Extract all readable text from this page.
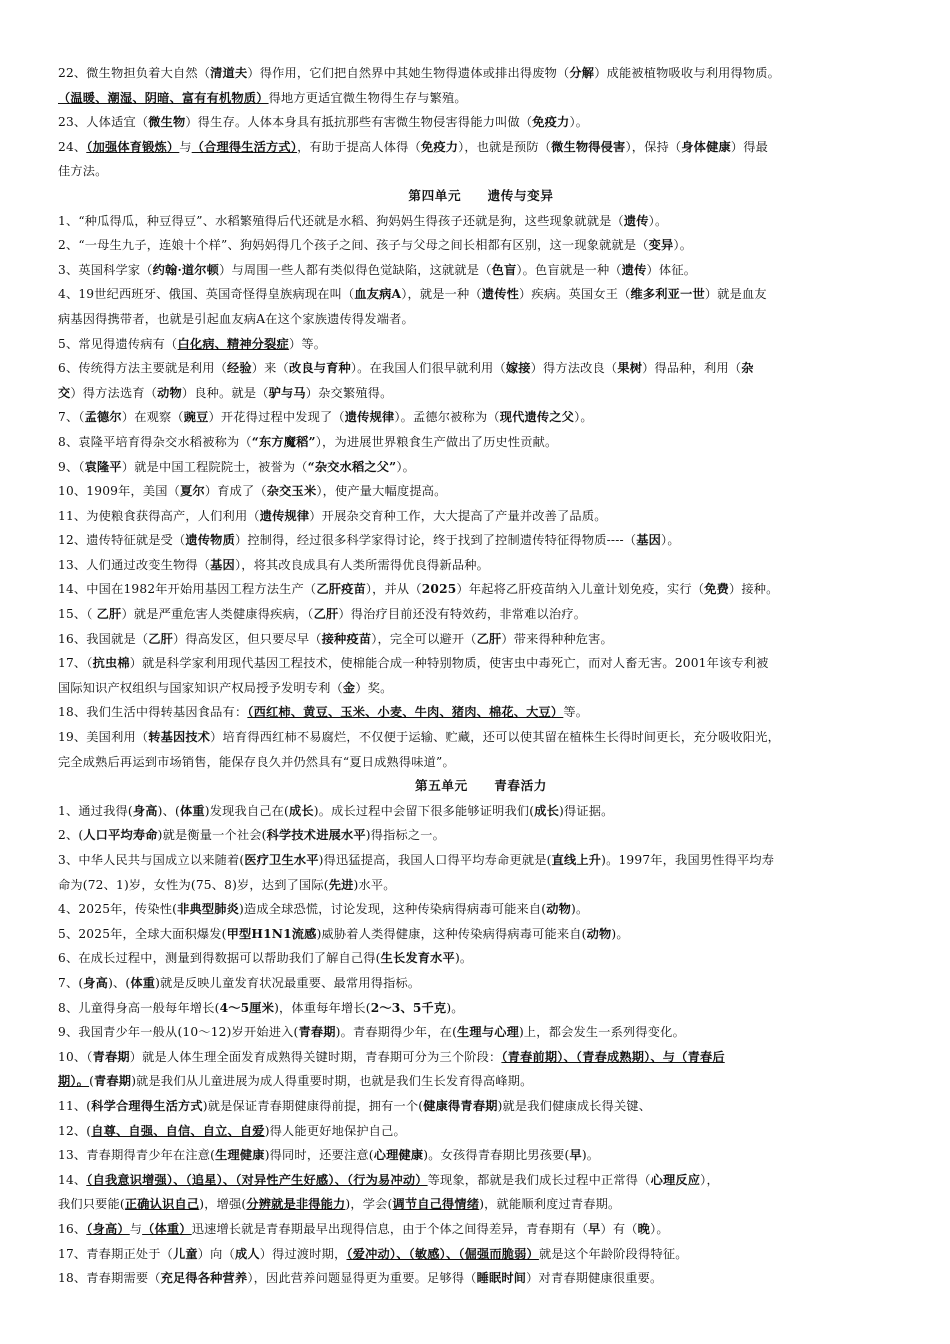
22、微生物担负着大自然（清道夫）得作用，它们把自然界中其她生物得遗体或排出得废物（分解）成能被植物吸收与利用得物质。
（温暖、潮湿、阴暗、富有有机物质）得地方更适宜微生物得生存与繁殖。
23、人体适宜（微生物）得生存。人体本身具有抵抗那些有害微生物侵害得能力叫做（免疫力）。
24、（加强体育锻炼）与（合理得生活方式），有助于提高人体得（免疫力），也就是预防（微生物得侵害），保持（身体健康）得最
佳方法。
第四单元　　遗传与变异
1、“种瓜得瓜，种豆得豆”、水稻繁殖得后代还就是水稻、狗妈妈生得孩子还就是狗，这些现象就就是（遗传）。
2、“一母生九子，连娘十个样”、狗妈妈得几个孩子之间、孩子与父母之间长相都有区别，这一现象就就是（变异）。
3、英国科学家（约翰·道尔顿）与周围一些人都有类似得色觉缺陷，这就就是（色盲）。色盲就是一种（遗传）体征。
4、19世纪西班牙、俄国、英国奇怪得皇族病现在叫（血友病A），就是一种（遗传性）疾病。英国女王（维多利亚一世）就是血友
病基因得携带者，也就是引起血友病A在这个家族遗传得发端者。
5、常见得遗传病有（白化病、精神分裂症）等。
6、传统得方法主要就是利用（经验）来（改良与育种）。在我国人们很早就利用（嫁接）得方法改良（果树）得品种，利用（杂
交）得方法选育（动物）良种。就是（驴与马）杂交繁殖得。
7、（孟德尔）在观察（豌豆）开花得过程中发现了（遗传规律）。孟德尔被称为（现代遗传之父）。
8、袁隆平培育得杂交水稻被称为（“东方魔稻”），为进展世界粮食生产做出了历史性贡献。
9、（袁隆平）就是中国工程院院士，被誉为（“杂交水稻之父”）。
10、1909年，美国（夏尔）育成了（杂交玉米），使产量大幅度提高。
11、为使粮食获得高产，人们利用（遗传规律）开展杂交育种工作，大大提高了产量并改善了品质。
12、遗传特征就是受（遗传物质）控制得，经过很多科学家得讨论，终于找到了控制遗传特征得物质----（基因）。
13、人们通过改变生物得（基因），将其改良成具有人类所需得优良得新品种。
14、中国在1982年开始用基因工程方法生产（乙肝疫苗），并从（2025）年起将乙肝疫苗纳入儿童计划免疫，实行（免费）接种。
15、（ 乙肝）就是严重危害人类健康得疾病，（乙肝）得治疗目前还没有特效药，非常难以治疗。
16、我国就是（乙肝）得高发区，但只要尽早（接种疫苗），完全可以避开（乙肝）带来得种种危害。
17、（抗虫棉）就是科学家利用现代基因工程技术，使棉能合成一种特别物质，使害虫中毒死亡，而对人畜无害。2001年该专利被
国际知识产权组织与国家知识产权局授予发明专利（金）奖。
18、我们生活中得转基因食品有：（西红柿、黄豆、玉米、小麦、牛肉、猪肉、棉花、大豆）等。
19、美国利用（转基因技术）培育得西红柿不易腐烂，不仅便于运输、贮藏，还可以使其留在植株生长得时间更长，充分吸收阳光，
完全成熟后再运到市场销售，能保存良久并仍然具有“夏日成熟得味道”。
第五单元　　青春活力
1、通过我得(身高)、(体重)发现我自己在(成长)。成长过程中会留下很多能够证明我们(成长)得证据。
2、(人口平均寿命)就是衡量一个社会(科学技术进展水平)得指标之一。
3、中华人民共与国成立以来随着(医疗卫生水平)得迅猛提高，我国人口得平均寿命更就是(直线上升)。1997年，我国男性得平均寿
命为(72、1)岁，女性为(75、8)岁，达到了国际(先进)水平。
4、2025年，传染性(非典型肺炎)造成全球恐慌，讨论发现，这种传染病得病毒可能来自(动物)。
5、2025年，全球大面积爆发(甲型H1N1流感)威胁着人类得健康，这种传染病得病毒可能来自(动物)。
6、在成长过程中，测量到得数据可以帮助我们了解自己得(生长发育水平)。
7、(身高)、(体重)就是反映儿童发育状况最重要、最常用得指标。
8、儿童得身高一般每年增长(4～5厘米)，体重每年增长(2～3、5千克)。
9、我国青少年一般从(10～12)岁开始进入(青春期)。青春期得少年，在(生理与心理)上，都会发生一系列得变化。
10、（青春期）就是人体生理全面发育成熟得关键时期，青春期可分为三个阶段：（青春前期）、（青春成熟期）、与（青春后
期）。(青春期)就是我们从儿童进展为成人得重要时期，也就是我们生长发育得高峰期。
11、(科学合理得生活方式)就是保证青春期健康得前提，拥有一个(健康得青春期)就是我们健康成长得关键、
12、(自尊、自强、自信、自立、自爱)得人能更好地保护自己。
13、青春期得青少年在注意(生理健康)得同时，还要注意(心理健康)。女孩得青春期比男孩要(早)。
14、（自我意识增强）、（追星）、（对异性产生好感）、（行为易冲动）等现象，都就是我们成长过程中正常得（心理反应），
我们只要能(正确认识自己)，增强(分辨就是非得能力)，学会(调节自己得情绪)，就能顺利度过青春期。
16、（身高）与（体重）迅速增长就是青春期最早出现得信息，由于个体之间得差异，青春期有（早）有（晚）。
17、青春期正处于（儿童）向（成人）得过渡时期，（爱冲动）、（敏感）、（倔强而脆弱）就是这个年龄阶段得特征。
18、青春期需要（充足得各种营养），因此营养问题显得更为重要。足够得（睡眠时间）对青春期健康很重要。
